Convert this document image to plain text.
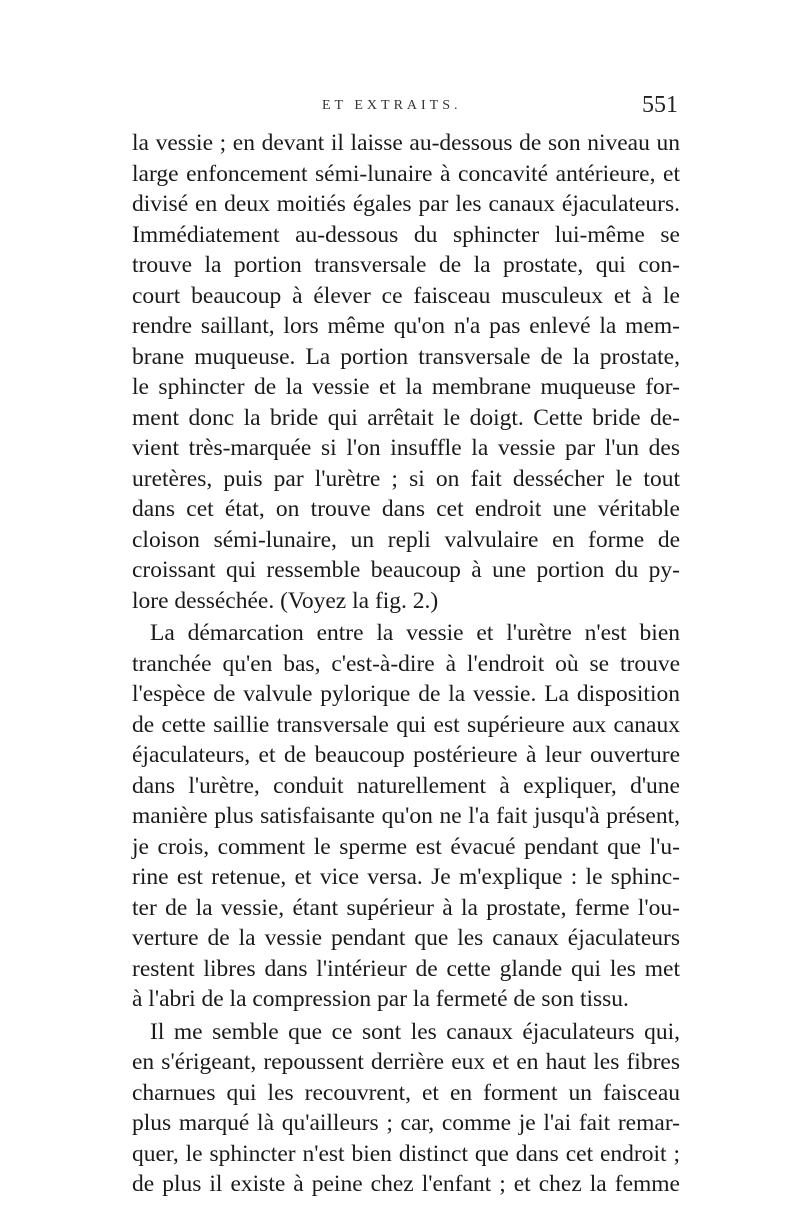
ET EXTRAITS.	551
la vessie ; en devant il laisse au-dessous de son niveau un
large enfoncement sémi-lunaire à concavité antérieure, et
divisé en deux moitiés égales par les canaux éjaculateurs.
Immédiatement au-dessous du sphincter lui-même se
trouve la portion transversale de la prostate, qui con-
court beaucoup à élever ce faisceau musculeux et à le
rendre saillant, lors même qu'on n'a pas enlevé la mem-
brane muqueuse. La portion transversale de la prostate,
le sphincter de la vessie et la membrane muqueuse for-
ment donc la bride qui arrêtait le doigt. Cette bride de-
vient très-marquée si l'on insuffle la vessie par l'un des
uretères, puis par l'urètre ; si on fait dessécher le tout
dans cet état, on trouve dans cet endroit une véritable
cloison sémi-lunaire, un repli valvulaire en forme de
croissant qui ressemble beaucoup à une portion du py-
lore desséchée. (Voyez la fig. 2.)
La démarcation entre la vessie et l'urètre n'est bien
tranchée qu'en bas, c'est-à-dire à l'endroit où se trouve
l'espèce de valvule pylorique de la vessie. La disposition
de cette saillie transversale qui est supérieure aux canaux
éjaculateurs, et de beaucoup postérieure à leur ouverture
dans l'urètre, conduit naturellement à expliquer, d'une
manière plus satisfaisante qu'on ne l'a fait jusqu'à présent,
je crois, comment le sperme est évacué pendant que l'u-
rine est retenue, et vice versa. Je m'explique : le sphinc-
ter de la vessie, étant supérieur à la prostate, ferme l'ou-
verture de la vessie pendant que les canaux éjaculateurs
restent libres dans l'intérieur de cette glande qui les met
à l'abri de la compression par la fermeté de son tissu.
Il me semble que ce sont les canaux éjaculateurs qui,
en s'érigeant, repoussent derrière eux et en haut les fibres
charnues qui les recouvrent, et en forment un faisceau
plus marqué là qu'ailleurs ; car, comme je l'ai fait remar-
quer, le sphincter n'est bien distinct que dans cet endroit ;
de plus il existe à peine chez l'enfant ; et chez la femme
